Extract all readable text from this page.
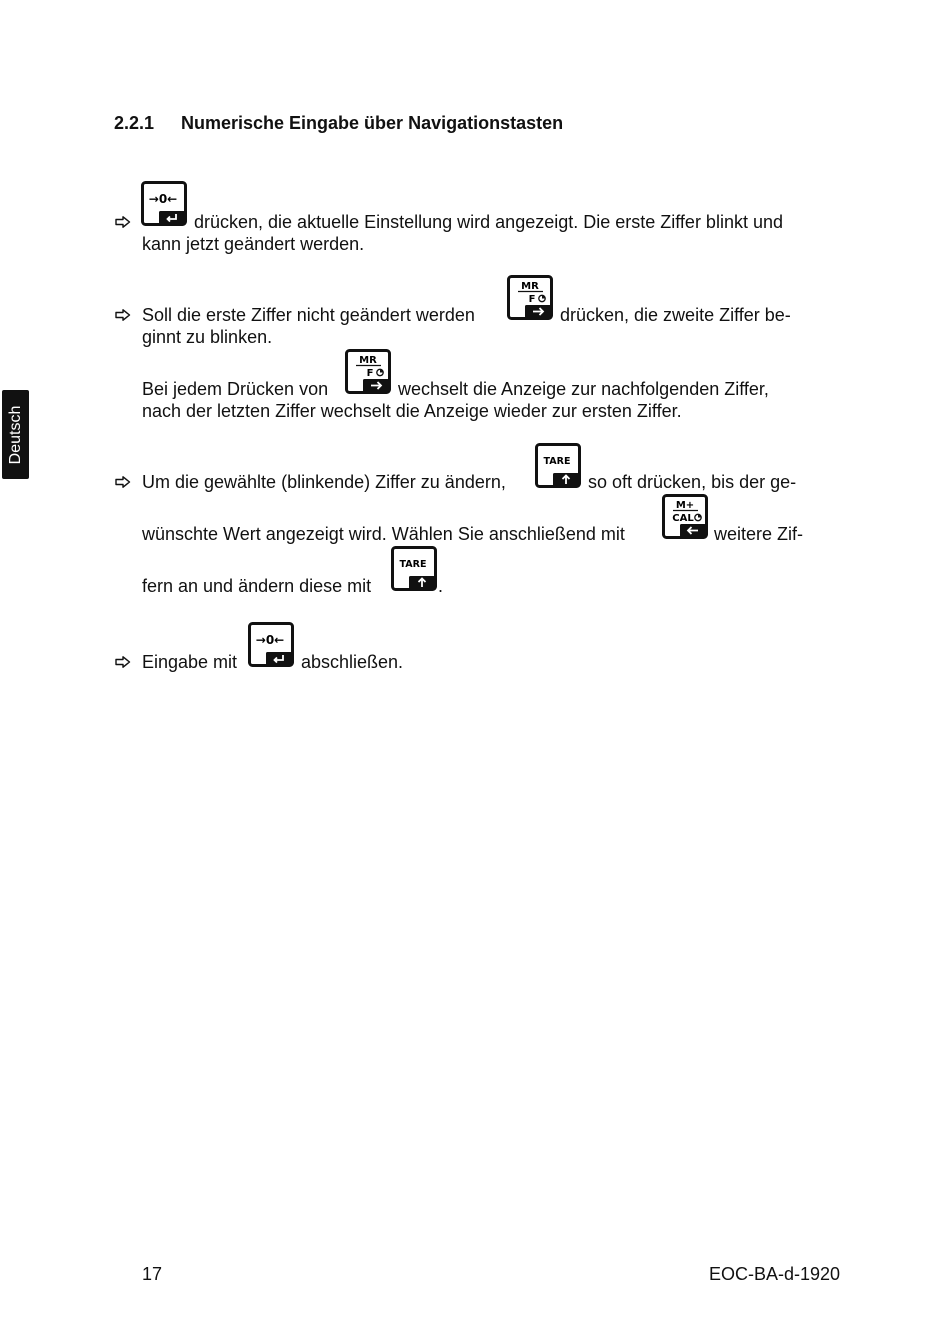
Deutsch
2.2.1 Numerische Eingabe über Navigationstasten
→0←
drücken, die aktuelle Einstellung wird angezeigt. Die erste Ziffer blinkt und
kann jetzt geändert werden.
Soll die erste Ziffer nicht geändert werden
MR
F
drücken, die zweite Ziffer be-
ginnt zu blinken.
Bei jedem Drücken von
MR
F
wechselt die Anzeige zur nachfolgenden Ziffer,
nach der letzten Ziffer wechselt die Anzeige wieder zur ersten Ziffer.
Um die gewählte (blinkende) Ziffer zu ändern,
TARE
so oft drücken, bis der ge-
wünschte Wert angezeigt wird. Wählen Sie anschließend mit
M+
CAL
weitere Zif-
fern an und ändern diese mit
TARE
.
Eingabe mit
→0←
abschließen.
17	EOC-BA-d-1920
